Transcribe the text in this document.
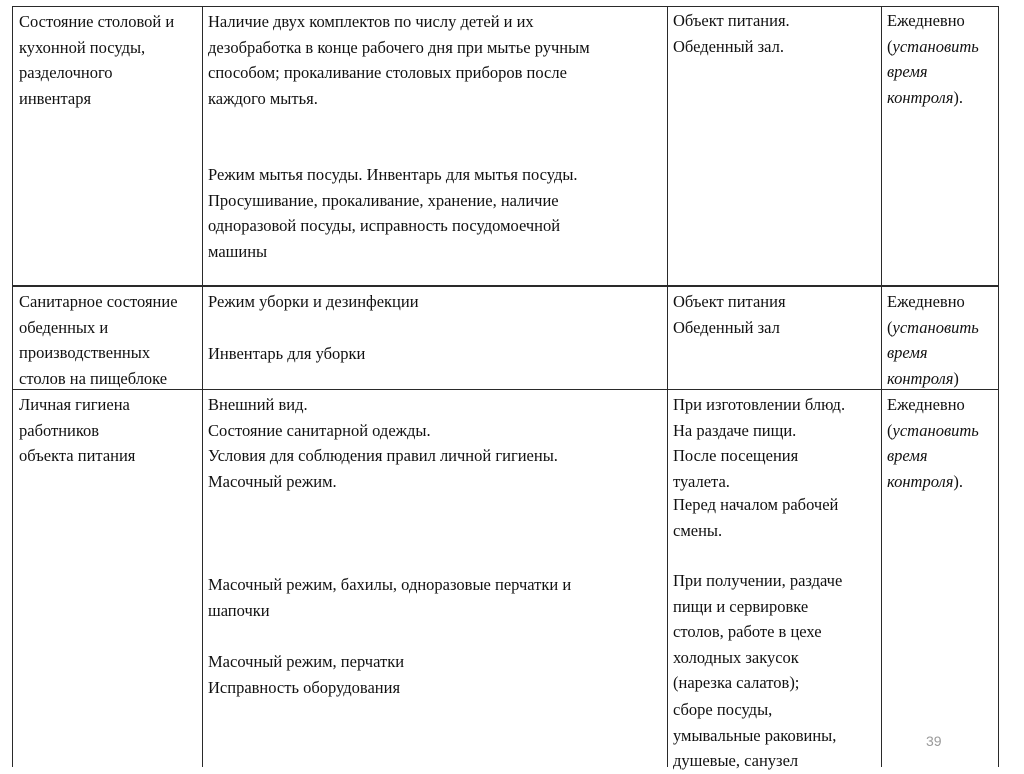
Состояние столовой и

кухонной посуды,

разделочного

инвентаря

Наличие двух комплектов по числу детей и их

дезобработка в конце рабочего дня при мытье ручным

способом; прокаливание столовых приборов после

каждого мытья.

Режим мытья посуды. Инвентарь для мытья посуды.

Просушивание, прокаливание, хранение, наличие

одноразовой посуды, исправность посудомоечной

машины

Объект питания.

Обеденный зал.

Ежедневно

(установить

время

контроля).

Санитарное состояние

обеденных и

производственных

столов на пищеблоке

Режим уборки и дезинфекции

Инвентарь для уборки

Объект питания

Обеденный зал

Ежедневно

(установить

время

контроля)

Личная гигиена

работников

объекта питания

Внешний вид.

Состояние санитарной одежды.

Условия для соблюдения правил личной гигиены.

Масочный режим.

Масочный режим, бахилы, одноразовые перчатки и

шапочки

Масочный режим, перчатки

Исправность оборудования

При изготовлении блюд.

На раздаче пищи.

После посещения

туалета.

Перед началом рабочей

смены.

При получении, раздаче

пищи и сервировке

столов, работе в цехе

холодных закусок

(нарезка салатов);

сборе посуды,

умывальные раковины,

душевые, санузел

Ежедневно

(установить

время

контроля).

39
